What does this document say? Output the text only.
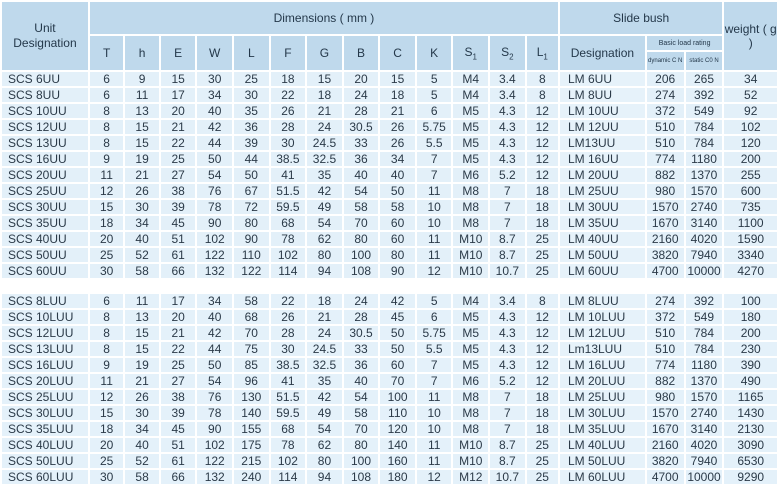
Unit Designation	Dimensions ( mm )													Slide bush			weight ( g )
	T	h	E	W	L	F	G	B	C	K	$S_1$	$S_2$	$L_1$	Designation	Basic load rating		
															dynamic C N	static C0 N	
SCS 6UU	6	9	15	30	25	18	15	20	15	5	M4	3.4	8	LM 6UU	206	265	34
SCS 8UU	6	11	17	34	30	22	18	24	18	5	M4	3.4	8	LM 8UU	274	392	52
SCS 10UU	8	13	20	40	35	26	21	28	21	6	M5	4.3	12	LM 10UU	372	549	92
SCS 12UU	8	15	21	42	36	28	24	30.5	26	5.75	M5	4.3	12	LM 12UU	510	784	102
SCS 13UU	8	15	22	44	39	30	24.5	33	26	5.5	M5	4.3	12	LM13UU	510	784	120
SCS 16UU	9	19	25	50	44	38.5	32.5	36	34	7	M5	4.3	12	LM 16UU	774	1180	200
SCS 20UU	11	21	27	54	50	41	35	40	40	7	M6	5.2	12	LM 20UU	882	1370	255
SCS 25UU	12	26	38	76	67	51.5	42	54	50	11	M8	7	18	LM 25UU	980	1570	600
SCS 30UU	15	30	39	78	72	59.5	49	58	58	10	M8	7	18	LM 30UU	1570	2740	735
SCS 35UU	18	34	45	90	80	68	54	70	60	10	M8	7	18	LM 35UU	1670	3140	1100
SCS 40UU	20	40	51	102	90	78	62	80	60	11	M10	8.7	25	LM 40UU	2160	4020	1590
SCS 50UU	25	52	61	122	110	102	80	100	80	11	M10	8.7	25	LM 50UU	3820	7940	3340
SCS 60UU	30	58	66	132	122	114	94	108	90	12	M10	10.7	25	LM 60UU	4700	10000	4270

SCS 8LUU	6	11	17	34	58	22	18	24	42	5	M4	3.4	8	LM 8LUU	274	392	100
SCS 10LUU	8	13	20	40	68	26	21	28	45	6	M5	4.3	12	LM 10LUU	372	549	180
SCS 12LUU	8	15	21	42	70	28	24	30.5	50	5.75	M5	4.3	12	LM 12LUU	510	784	200
SCS 13LUU	8	15	22	44	75	30	24.5	33	50	5.5	M5	4.3	12	Lm13LUU	510	784	230
SCS 16LUU	9	19	25	50	85	38.5	32.5	36	60	7	M5	4.3	12	LM 16LUU	774	1180	390
SCS 20LUU	11	21	27	54	96	41	35	40	70	7	M6	5.2	12	LM 20LUU	882	1370	490
SCS 25LUU	12	26	38	76	130	51.5	42	54	100	11	M8	7	18	LM 25LUU	980	1570	1165
SCS 30LUU	15	30	39	78	140	59.5	49	58	110	10	M8	7	18	LM 30LUU	1570	2740	1430
SCS 35LUU	18	34	45	90	155	68	54	70	120	10	M8	7	18	LM 35LUU	1670	3140	2130
SCS 40LUU	20	40	51	102	175	78	62	80	140	11	M10	8.7	25	LM 40LUU	2160	4020	3090
SCS 50LUU	25	52	61	122	215	102	80	100	160	11	M10	8.7	25	LM 50LUU	3820	7940	6530
SCS 60LUU	30	58	66	132	240	114	94	108	180	12	M12	10.7	25	LM 60LUU	4700	10000	9290
